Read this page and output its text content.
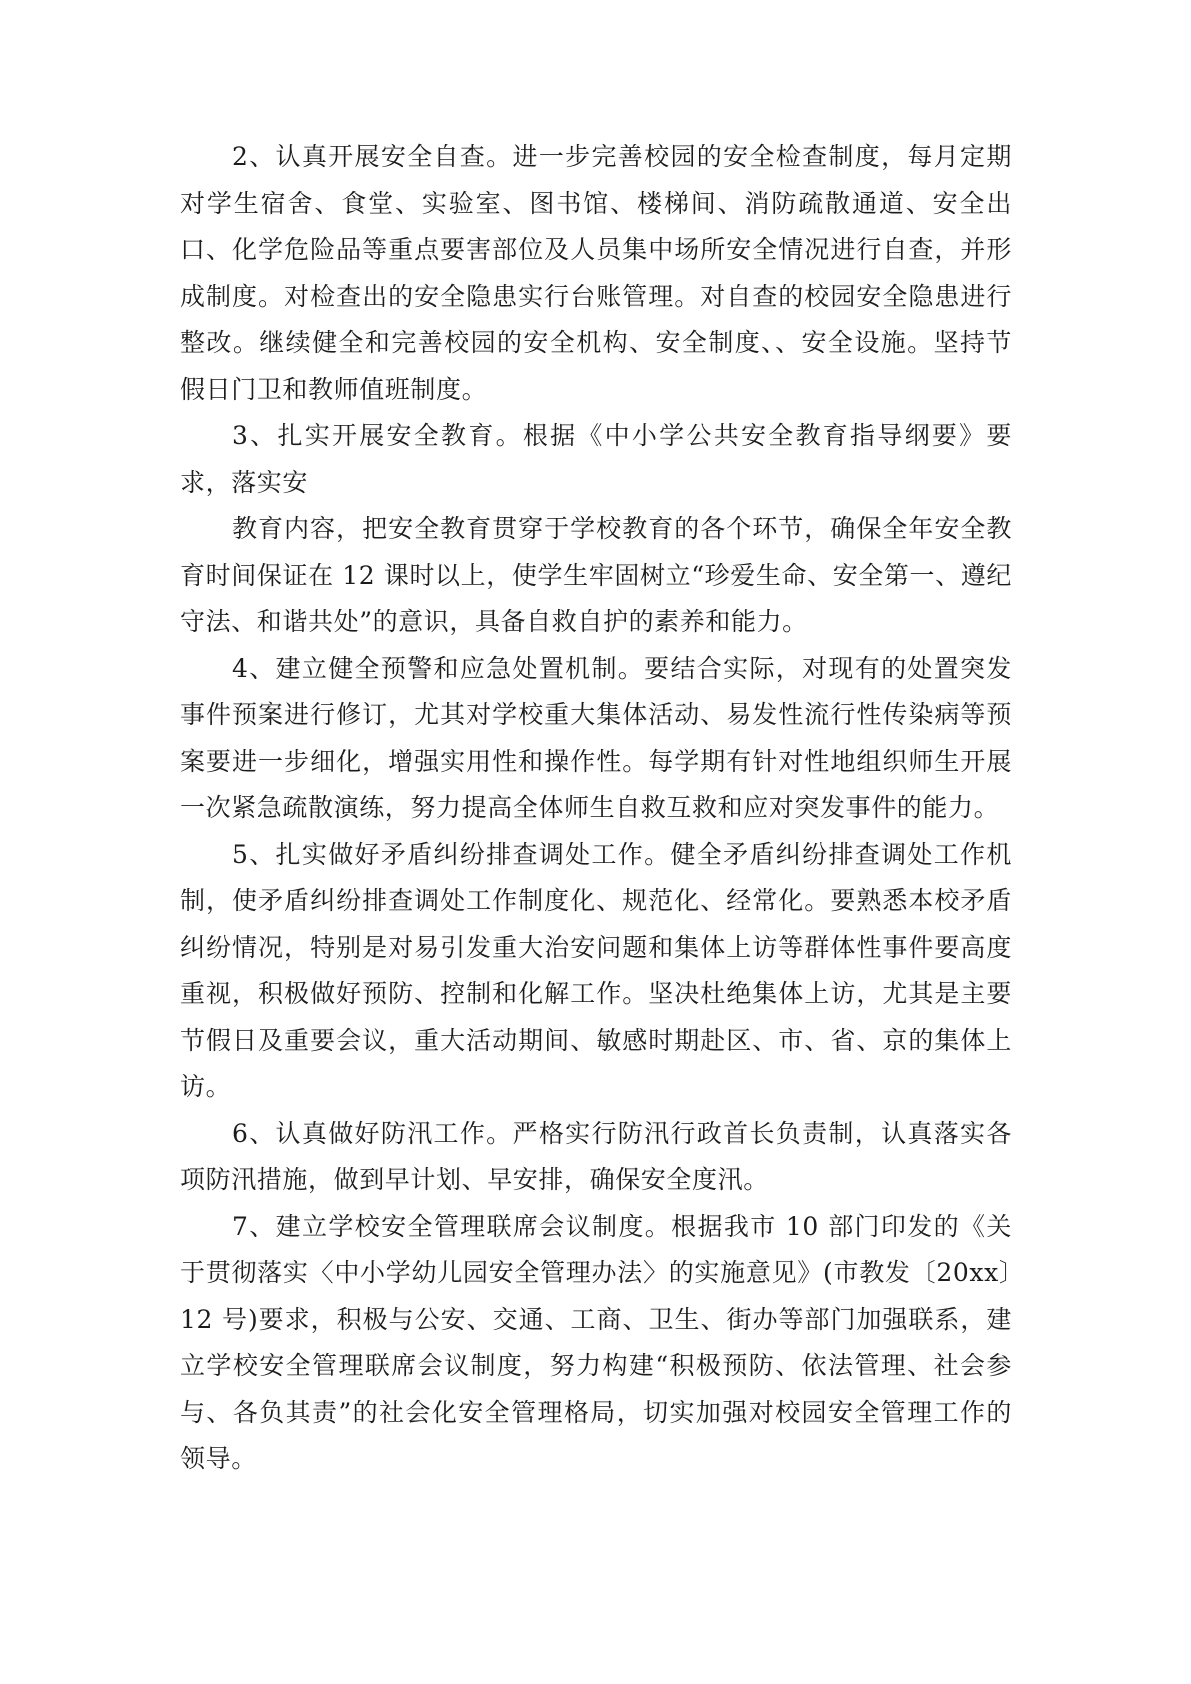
2、认真开展安全自查。进一步完善校园的安全检查制度，每月定期对学生宿舍、食堂、实验室、图书馆、楼梯间、消防疏散通道、安全出口、化学危险品等重点要害部位及人员集中场所安全情况进行自查，并形成制度。对检查出的安全隐患实行台账管理。对自查的校园安全隐患进行整改。继续健全和完善校园的安全机构、安全制度、、安全设施。坚持节假日门卫和教师值班制度。

3、扎实开展安全教育。根据《中小学公共安全教育指导纲要》要求，落实安

教育内容，把安全教育贯穿于学校教育的各个环节，确保全年安全教育时间保证在 12 课时以上，使学生牢固树立“珍爱生命、安全第一、遵纪守法、和谐共处”的意识，具备自救自护的素养和能力。

4、建立健全预警和应急处置机制。要结合实际，对现有的处置突发事件预案进行修订，尤其对学校重大集体活动、易发性流行性传染病等预案要进一步细化，增强实用性和操作性。每学期有针对性地组织师生开展一次紧急疏散演练，努力提高全体师生自救互救和应对突发事件的能力。

5、扎实做好矛盾纠纷排查调处工作。健全矛盾纠纷排查调处工作机制，使矛盾纠纷排查调处工作制度化、规范化、经常化。要熟悉本校矛盾纠纷情况，特别是对易引发重大治安问题和集体上访等群体性事件要高度重视，积极做好预防、控制和化解工作。坚决杜绝集体上访，尤其是主要节假日及重要会议，重大活动期间、敏感时期赴区、市、省、京的集体上访。

6、认真做好防汛工作。严格实行防汛行政首长负责制，认真落实各项防汛措施，做到早计划、早安排，确保安全度汛。

7、建立学校安全管理联席会议制度。根据我市 10 部门印发的《关于贯彻落实〈中小学幼儿园安全管理办法〉的实施意见》(市教发〔20xx〕12 号)要求，积极与公安、交通、工商、卫生、街办等部门加强联系，建立学校安全管理联席会议制度，努力构建“积极预防、依法管理、社会参与、各负其责”的社会化安全管理格局，切实加强对校园安全管理工作的领导。
